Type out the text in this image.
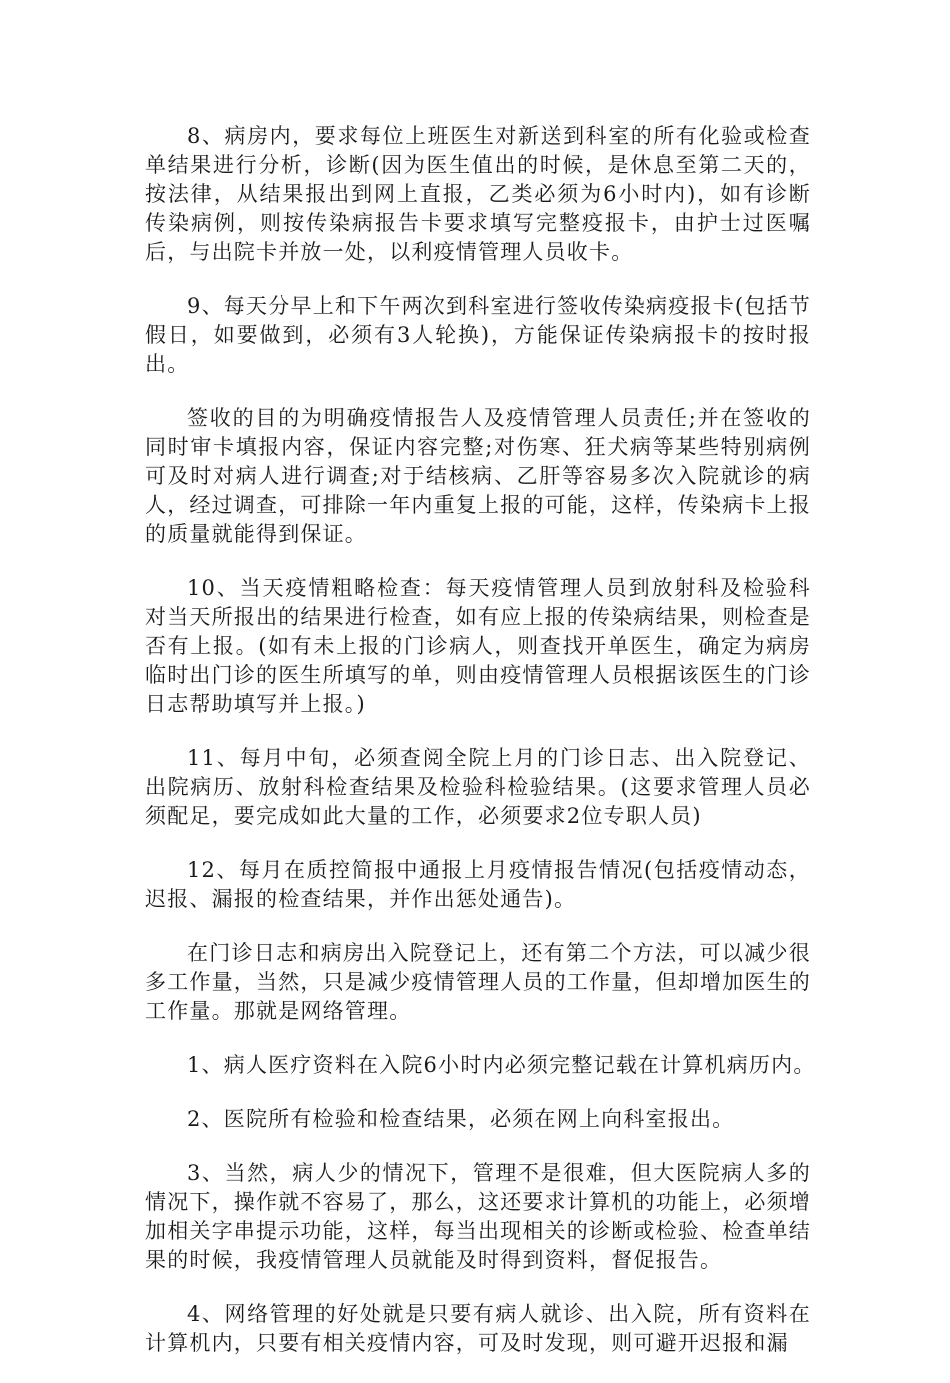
8、病房内，要求每位上班医生对新送到科室的所有化验或检查单结果进行分析，诊断(因为医生值出的时候，是休息至第二天的，按法律，从结果报出到网上直报，乙类必须为6小时内)，如有诊断传染病例，则按传染病报告卡要求填写完整疫报卡，由护士过医嘱后，与出院卡并放一处，以利疫情管理人员收卡。

9、每天分早上和下午两次到科室进行签收传染病疫报卡(包括节假日，如要做到，必须有3人轮换)，方能保证传染病报卡的按时报出。

签收的目的为明确疫情报告人及疫情管理人员责任;并在签收的同时审卡填报内容，保证内容完整;对伤寒、狂犬病等某些特别病例可及时对病人进行调查;对于结核病、乙肝等容易多次入院就诊的病人，经过调查，可排除一年内重复上报的可能，这样，传染病卡上报的质量就能得到保证。

10、当天疫情粗略检查：每天疫情管理人员到放射科及检验科对当天所报出的结果进行检查，如有应上报的传染病结果，则检查是否有上报。(如有未上报的门诊病人，则查找开单医生，确定为病房临时出门诊的医生所填写的单，则由疫情管理人员根据该医生的门诊日志帮助填写并上报。)

11、每月中旬，必须查阅全院上月的门诊日志、出入院登记、出院病历、放射科检查结果及检验科检验结果。(这要求管理人员必须配足，要完成如此大量的工作，必须要求2位专职人员)

12、每月在质控简报中通报上月疫情报告情况(包括疫情动态，迟报、漏报的检查结果，并作出惩处通告)。

在门诊日志和病房出入院登记上，还有第二个方法，可以减少很多工作量，当然，只是减少疫情管理人员的工作量，但却增加医生的工作量。那就是网络管理。

1、病人医疗资料在入院6小时内必须完整记载在计算机病历内。

2、医院所有检验和检查结果，必须在网上向科室报出。

3、当然，病人少的情况下，管理不是很难，但大医院病人多的情况下，操作就不容易了，那么，这还要求计算机的功能上，必须增加相关字串提示功能，这样，每当出现相关的诊断或检验、检查单结果的时候，我疫情管理人员就能及时得到资料，督促报告。

4、网络管理的好处就是只要有病人就诊、出入院，所有资料在计算机内，只要有相关疫情内容，可及时发现，则可避开迟报和漏
